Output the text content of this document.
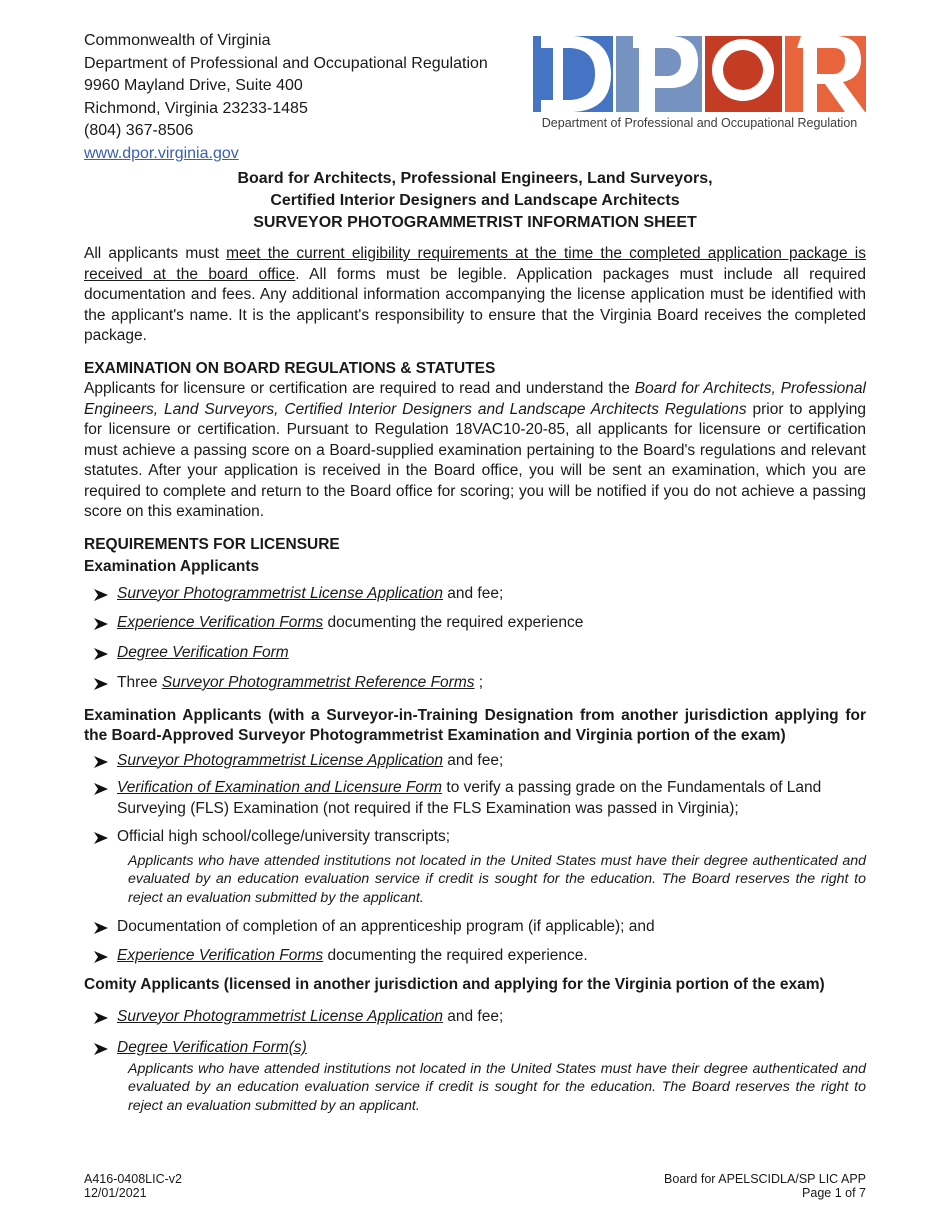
Commonwealth of Virginia
Department of Professional and Occupational Regulation
9960 Mayland Drive, Suite 400
Richmond, Virginia 23233-1485
(804) 367-8506
www.dpor.virginia.gov
Department of Professional and Occupational Regulation
Board for Architects, Professional Engineers, Land Surveyors,
Certified Interior Designers and Landscape Architects
SURVEYOR PHOTOGRAMMETRIST INFORMATION SHEET

All applicants must meet the current eligibility requirements at the time the completed application package is received at the board office. All forms must be legible. Application packages must include all required documentation and fees. Any additional information accompanying the license application must be identified with the applicant's name. It is the applicant's responsibility to ensure that the Virginia Board receives the completed package.

EXAMINATION ON BOARD REGULATIONS & STATUTES

Applicants for licensure or certification are required to read and understand the Board for Architects, Professional Engineers, Land Surveyors, Certified Interior Designers and Landscape Architects Regulations prior to applying for licensure or certification. Pursuant to Regulation 18VAC10-20-85, all applicants for licensure or certification must achieve a passing score on a Board-supplied examination pertaining to the Board's regulations and relevant statutes. After your application is received in the Board office, you will be sent an examination, which you are required to complete and return to the Board office for scoring; you will be notified if you do not achieve a passing score on this examination.

REQUIREMENTS FOR LICENSURE
Examination Applicants
Surveyor Photogrammetrist License Application and fee;
Experience Verification Forms documenting the required experience
Degree Verification Form
Three Surveyor Photogrammetrist Reference Forms ;
Examination Applicants (with a Surveyor-in-Training Designation from another jurisdiction applying for the Board-Approved Surveyor Photogrammetrist Examination and Virginia portion of the exam)
Surveyor Photogrammetrist License Application and fee;
Verification of Examination and Licensure Form to verify a passing grade on the Fundamentals of Land Surveying (FLS) Examination (not required if the FLS Examination was passed in Virginia);
Official high school/college/university transcripts;
Applicants who have attended institutions not located in the United States must have their degree authenticated and evaluated by an education evaluation service if credit is sought for the education. The Board reserves the right to reject an evaluation submitted by the applicant.
Documentation of completion of an apprenticeship program (if applicable); and
Experience Verification Forms documenting the required experience.
Comity Applicants (licensed in another jurisdiction and applying for the Virginia portion of the exam)
Surveyor Photogrammetrist License Application and fee;
Degree Verification Form(s)
Applicants who have attended institutions not located in the United States must have their degree authenticated and evaluated by an education evaluation service if credit is sought for the education. The Board reserves the right to reject an evaluation submitted by an applicant.
A416-0408LIC-v2
12/01/2021
Board for APELSCIDLA/SP LIC APP
Page 1 of 7
